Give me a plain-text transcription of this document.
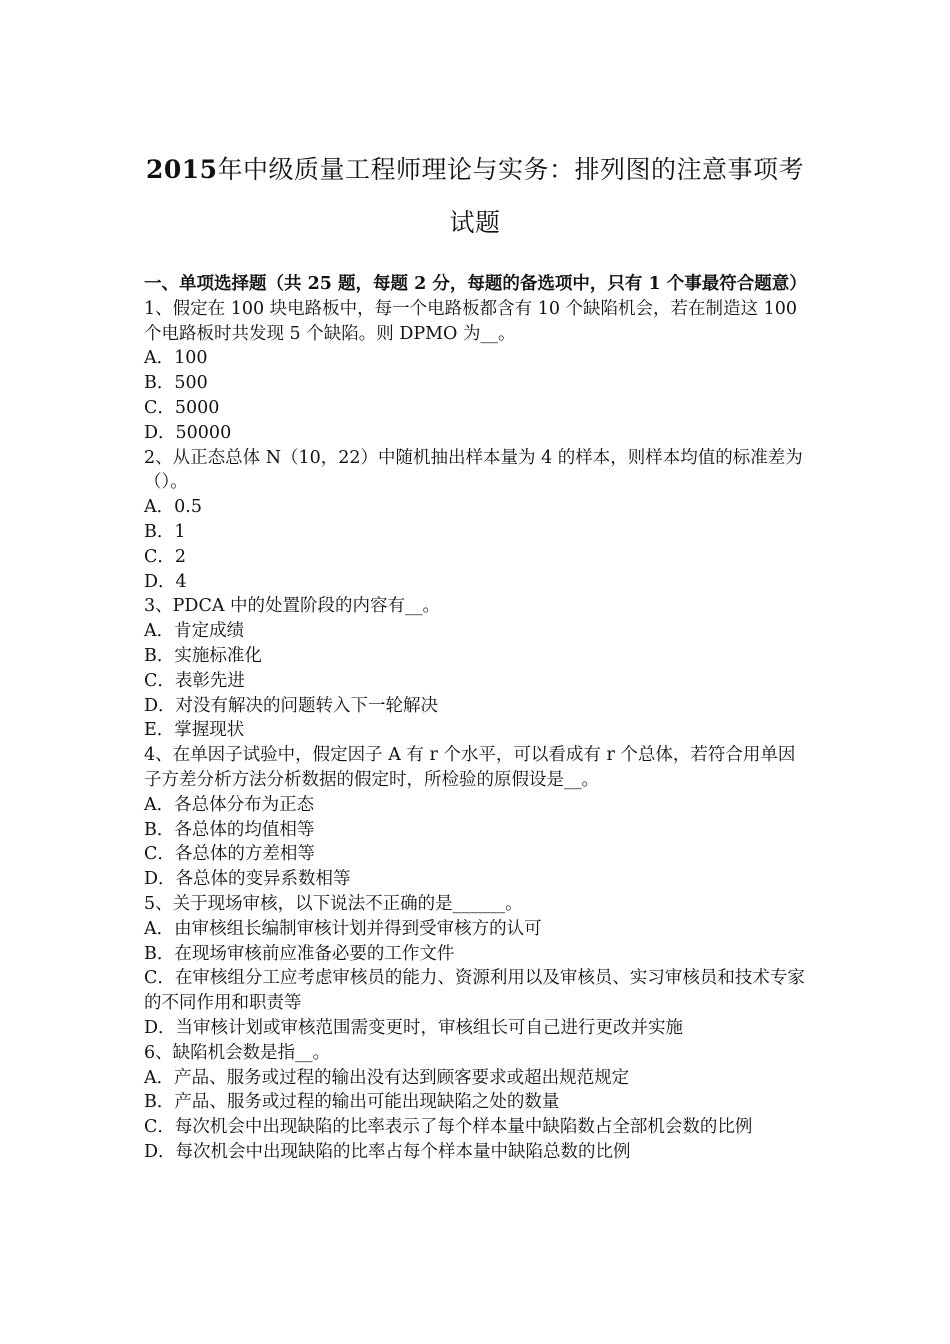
2015年中级质量工程师理论与实务：排列图的注意事项考
试题

一、单项选择题（共 25 题，每题 2 分，每题的备选项中，只有 1 个事最符合题意）

1、假定在 100 块电路板中，每一个电路板都含有 10 个缺陷机会，若在制造这 100 个电路板时共发现 5 个缺陷。则 DPMO 为__。

A．100
B．500
C．5000
D．50000

2、从正态总体 N（10，22）中随机抽出样本量为 4 的样本，则样本均值的标准差为（）。

A．0.5
B．1
C．2
D．4

3、PDCA 中的处置阶段的内容有__。

A．肯定成绩
B．实施标准化
C．表彰先进
D．对没有解决的问题转入下一轮解决
E．掌握现状

4、在单因子试验中，假定因子 A 有 r 个水平，可以看成有 r 个总体，若符合用单因子方差分析方法分析数据的假定时，所检验的原假设是__。

A．各总体分布为正态
B．各总体的均值相等
C．各总体的方差相等
D．各总体的变异系数相等

5、关于现场审核，以下说法不正确的是______。

A．由审核组长编制审核计划并得到受审核方的认可
B．在现场审核前应准备必要的工作文件
C．在审核组分工应考虑审核员的能力、资源利用以及审核员、实习审核员和技术专家的不同作用和职责等
D．当审核计划或审核范围需变更时，审核组长可自己进行更改并实施

6、缺陷机会数是指__。

A．产品、服务或过程的输出没有达到顾客要求或超出规范规定
B．产品、服务或过程的输出可能出现缺陷之处的数量
C．每次机会中出现缺陷的比率表示了每个样本量中缺陷数占全部机会数的比例
D．每次机会中出现缺陷的比率占每个样本量中缺陷总数的比例
